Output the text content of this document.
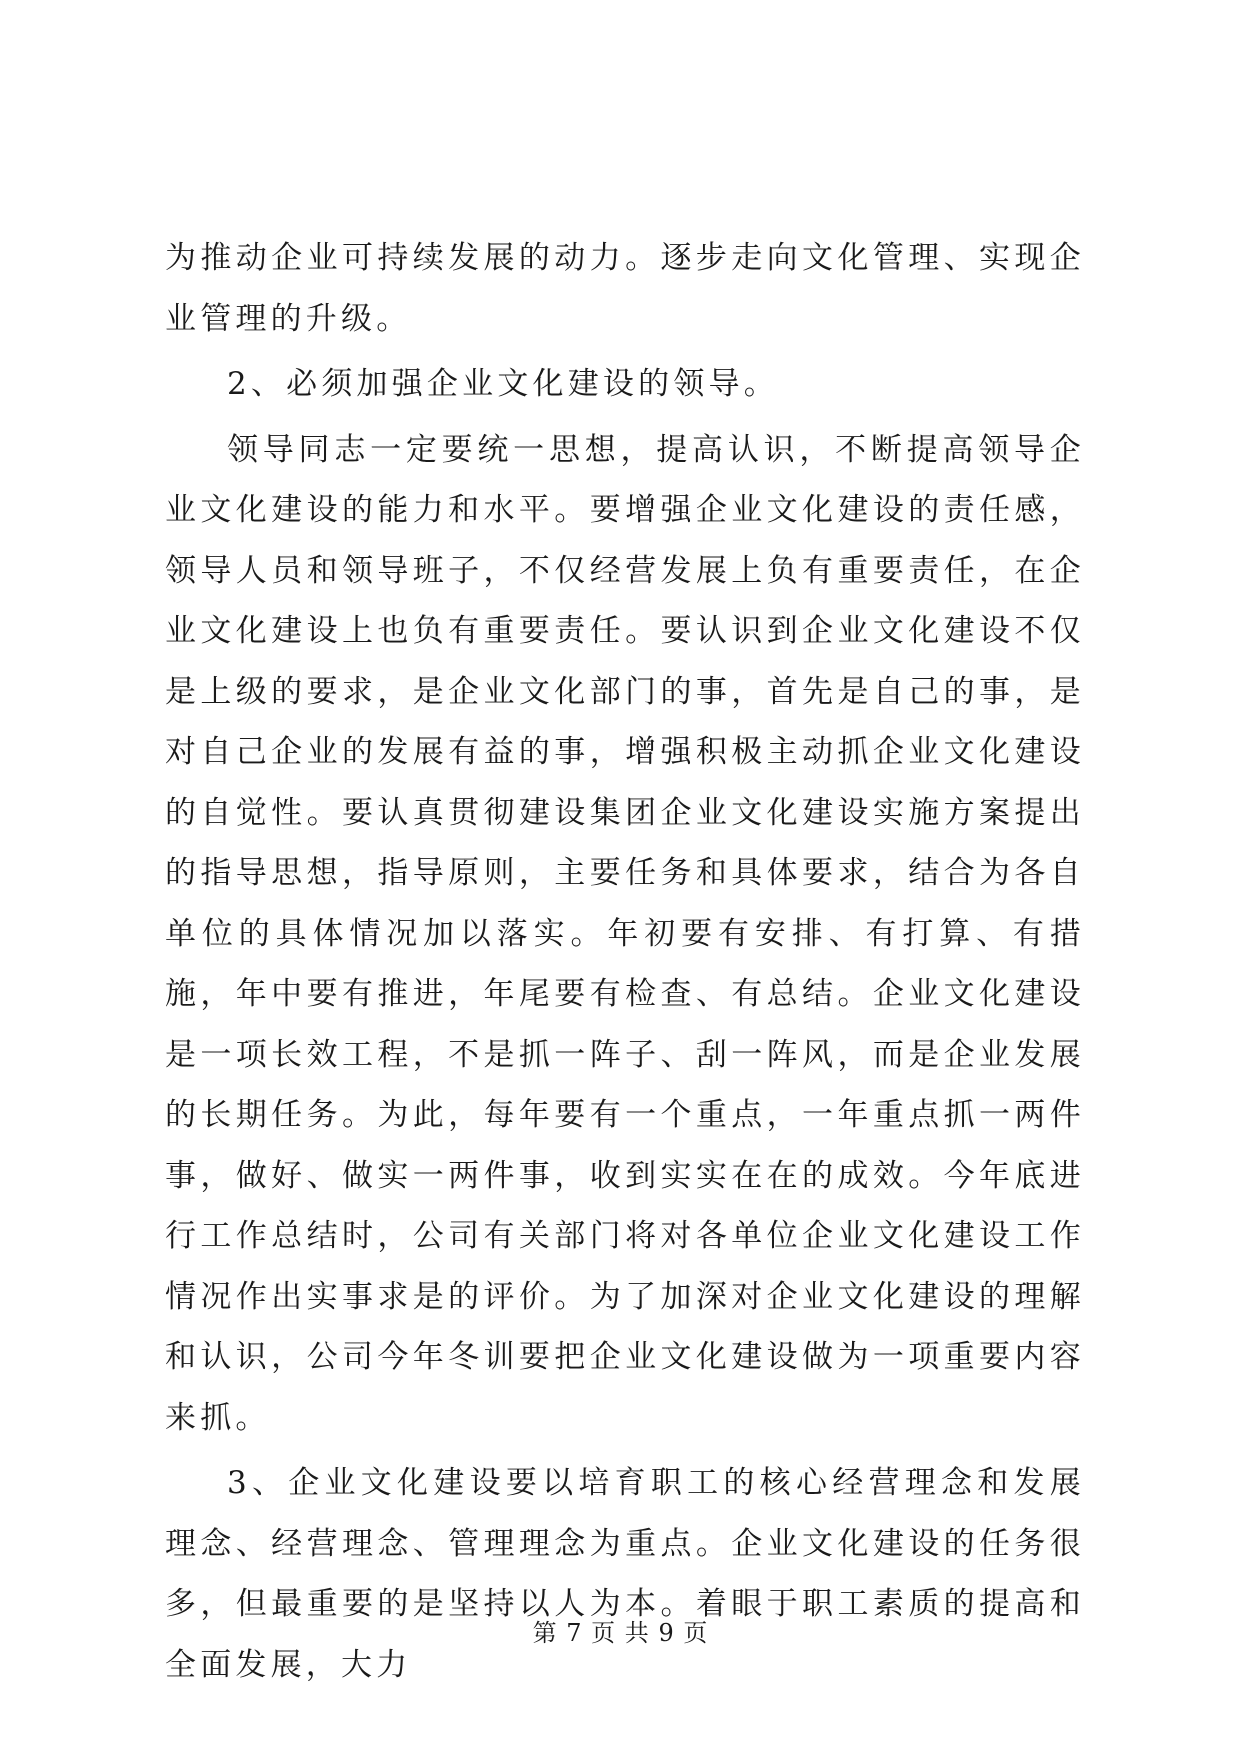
为推动企业可持续发展的动力。逐步走向文化管理、实现企业管理的升级。

2、必须加强企业文化建设的领导。

领导同志一定要统一思想，提高认识，不断提高领导企业文化建设的能力和水平。要增强企业文化建设的责任感，领导人员和领导班子，不仅经营发展上负有重要责任，在企业文化建设上也负有重要责任。要认识到企业文化建设不仅是上级的要求，是企业文化部门的事，首先是自己的事，是对自己企业的发展有益的事，增强积极主动抓企业文化建设的自觉性。要认真贯彻建设集团企业文化建设实施方案提出的指导思想，指导原则，主要任务和具体要求，结合为各自单位的具体情况加以落实。年初要有安排、有打算、有措施，年中要有推进，年尾要有检查、有总结。企业文化建设是一项长效工程，不是抓一阵子、刮一阵风，而是企业发展的长期任务。为此，每年要有一个重点，一年重点抓一两件事，做好、做实一两件事，收到实实在在的成效。今年底进行工作总结时，公司有关部门将对各单位企业文化建设工作情况作出实事求是的评价。为了加深对企业文化建设的理解和认识，公司今年冬训要把企业文化建设做为一项重要内容来抓。

3、企业文化建设要以培育职工的核心经营理念和发展理念、经营理念、管理理念为重点。企业文化建设的任务很多，但最重要的是坚持以人为本。着眼于职工素质的提高和全面发展，大力

第 7 页 共 9 页
